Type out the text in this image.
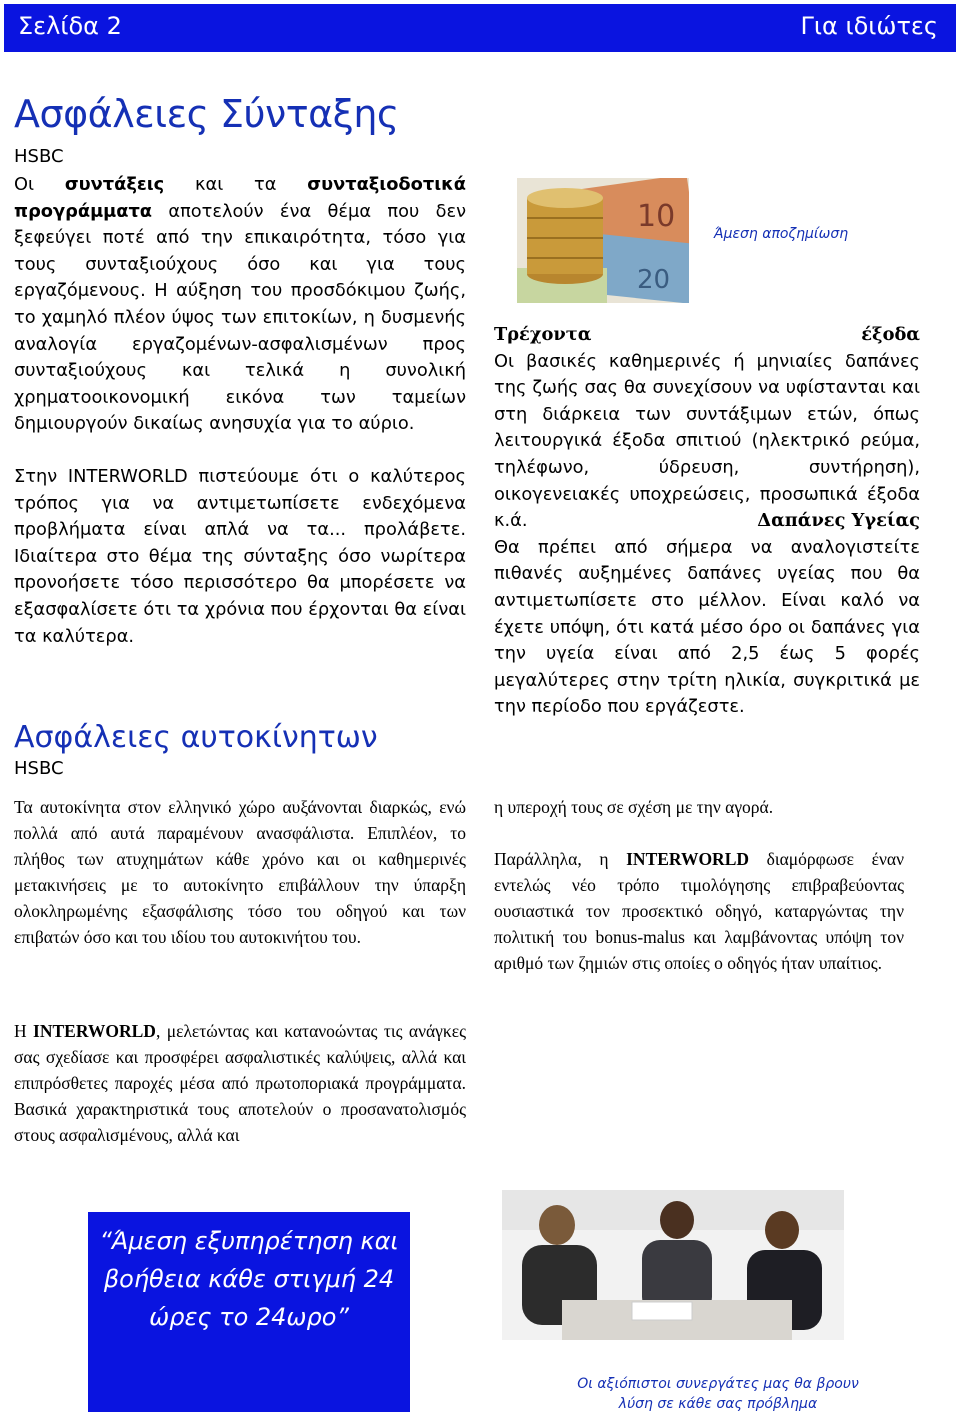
Σελίδα 2	Για ιδιώτες
Ασφάλειες Σύνταξης
HSBC

Οι συντάξεις και τα συνταξιοδοτικά προγράμματα αποτελούν ένα θέμα που δεν ξεφεύγει ποτέ από την επικαιρότητα, τόσο για τους συνταξιούχους όσο και για τους εργαζόμενους. Η αύξηση του προσδόκιμου ζωής, το χαμηλό πλέον ύψος των επιτοκίων, η δυσμενής αναλογία εργαζομένων-ασφαλισμένων προς συνταξιούχους και τελικά η συνολική χρηματοοικονομική εικόνα των ταμείων δημιουργούν δικαίως ανησυχία για το αύριο.

Στην INTERWORLD πιστεύουμε ότι ο καλύτερος τρόπος για να αντιμετωπίσετε ενδεχόμενα προβλήματα είναι απλά να τα... προλάβετε. Ιδιαίτερα στο θέμα της σύνταξης όσο νωρίτερα προνοήσετε τόσο περισσότερο θα μπορέσετε να εξασφαλίσετε ότι τα χρόνια που έρχονται θα είναι τα καλύτερα.

10
20
Άμεση αποζημίωση
Τρέχοντα	έξοδα
Οι βασικές καθημερινές ή μηνιαίες δαπάνες της ζωής σας θα συνεχίσουν να υφίστανται και στη διάρκεια των συντάξιμων ετών, όπως λειτουργικά έξοδα σπιτιού (ηλεκτρικό ρεύμα, τηλέφωνο, ύδρευση, συντήρηση), οικογενειακές υποχρεώσεις, προσωπικά έξοδα κ.ά.	Δαπάνες Υγείας
Θα πρέπει από σήμερα να αναλογιστείτε πιθανές αυξημένες δαπάνες υγείας που θα αντιμετωπίσετε στο μέλλον. Είναι καλό να έχετε υπόψη, ότι κατά μέσο όρο οι δαπάνες για την υγεία είναι από 2,5 έως 5 φορές μεγαλύτερες στην τρίτη ηλικία, συγκριτικά με την περίοδο που εργάζεστε.
Ασφάλειες αυτοκίνητων
HSBC
Τα αυτοκίνητα στον ελληνικό χώρο αυξάνονται διαρκώς, ενώ πολλά από αυτά παραμένουν ανασφάλιστα. Επιπλέον, το πλήθος των ατυχημάτων κάθε χρόνο και οι καθημερινές μετακινήσεις με το αυτοκίνητο επιβάλλουν την ύπαρξη ολοκληρωμένης εξασφάλισης τόσο του οδηγού και των επιβατών όσο και του ιδίου του αυτοκινήτου του.
Η INTERWORLD, μελετώντας και κατανοώντας τις ανάγκες σας σχεδίασε και προσφέρει ασφαλιστικές καλύψεις, αλλά και επιπρόσθετες παροχές μέσα από πρωτοποριακά προγράμματα. Βασικά χαρακτηριστικά τους αποτελούν ο προσανατολισμός στους ασφαλισμένους, αλλά και

η υπεροχή τους σε σχέση με την αγορά.

Παράλληλα, η INTERWORLD διαμόρφωσε έναν εντελώς νέο τρόπο τιμολόγησης επιβραβεύοντας ουσιαστικά τον προσεκτικό οδηγό, καταργώντας την πολιτική του bonus-malus και λαμβάνοντας υπόψη τον αριθμό των ζημιών στις οποίες ο οδηγός ήταν υπαίτιος.

“Άμεση εξυπηρέτηση και βοήθεια κάθε στιγμή 24 ώρες το 24ωρο”
Οι αξιόπιστοι συνεργάτες μας θα βρουν λύση σε κάθε σας πρόβλημα
